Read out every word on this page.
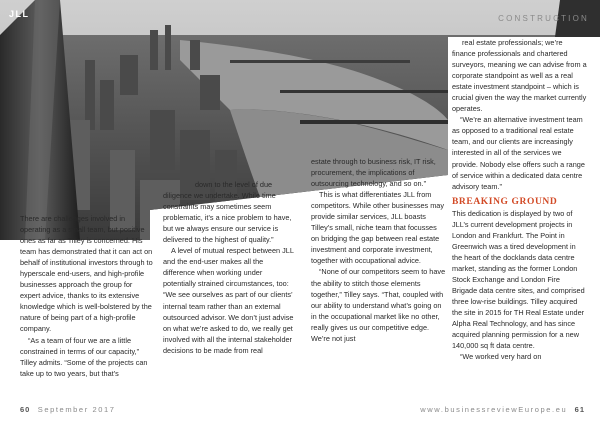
JLL	CONSTRUCTION

There are challenges involved in operating as a small team, but positive ones as far as Tilley is concerned. His team has demonstrated that it can act on behalf of institutional investors through to hyperscale end-users, and high-profile businesses approach the group for expert advice, thanks to its extensive knowledge which is well-bolstered by the nature of being part of a high-profile company.

“As a team of four we are a little constrained in terms of our capacity,” Tilley admits. “Some of the projects can take up to two years, but that’s

down to the level of due diligence we undertake. While time constraints may sometimes seem problematic, it’s a nice problem to have, but we always ensure our service is delivered to the highest of quality.”

A level of mutual respect between JLL and the end-user makes all the difference when working under potentially strained circumstances, too: “We see ourselves as part of our clients’ internal team rather than an external outsourced advisor. We don’t just advise on what we’re asked to do, we really get involved with all the internal stakeholder decisions to be made from real

estate through to business risk, IT risk, procurement, the implications of outsourcing technology, and so on.”

This is what differentiates JLL from competitors. While other businesses may provide similar services, JLL boasts Tilley’s small, niche team that focusses on bridging the gap between real estate investment and corporate investment, together with occupational advice.

“None of our competitors seem to have the ability to stitch those elements together,” Tilley says. “That, coupled with our ability to understand what’s going on in the occupational market like no other, really gives us our competitive edge. We’re not just

real estate professionals; we’re finance professionals and chartered surveyors, meaning we can advise from a corporate standpoint as well as a real estate investment standpoint – which is crucial given the way the market currently operates.

“We’re an alternative investment team as opposed to a traditional real estate team, and our clients are increasingly interested in all of the services we provide. Nobody else offers such a range of service within a dedicated data centre advisory team.”

BREAKING GROUND

This dedication is displayed by two of JLL’s current development projects in London and Frankfurt. The Point in Greenwich was a tired development in the heart of the docklands data centre market, standing as the former London Stock Exchange and London Fire Brigade data centre sites, and comprised three low-rise buildings. Tilley acquired the site in 2015 for TH Real Estate under Alpha Real Technology, and has since acquired planning permission for a new 140,000 sq ft data centre.

“We worked very hard on

60 September 2017	www.businessreviewEurope.eu 61
